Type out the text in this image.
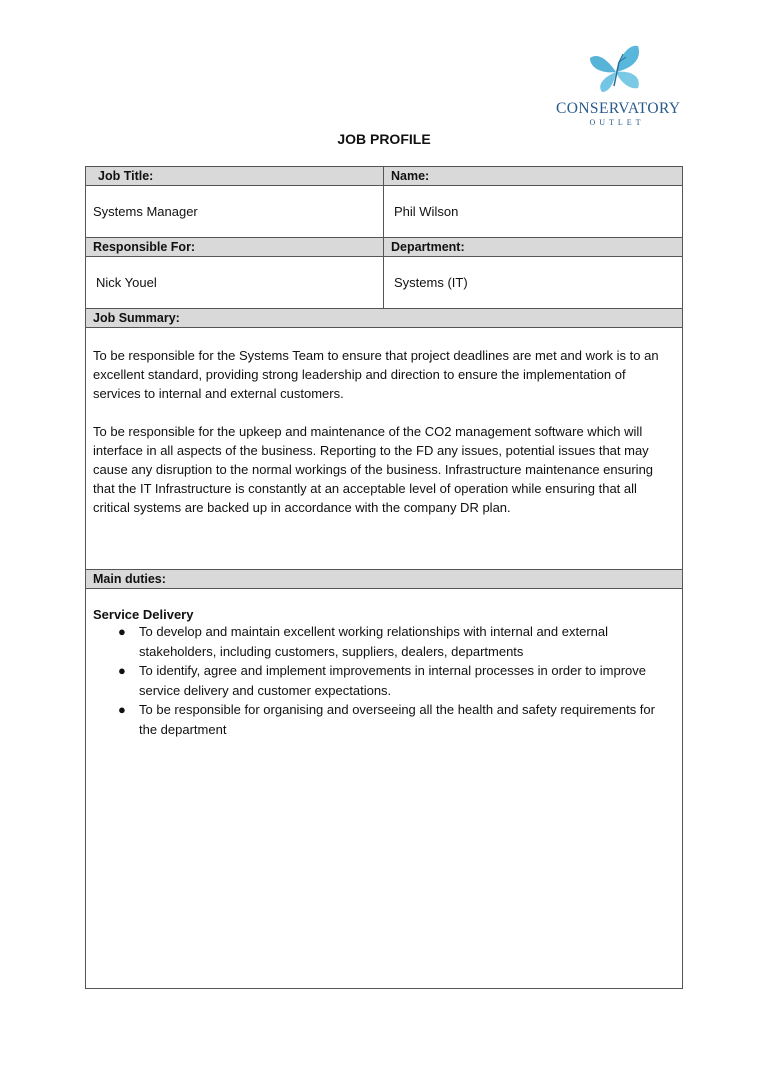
CONSERVATORY
OUTLET
JOB PROFILE
Job Title:	Name:
Systems Manager	Phil Wilson
Responsible For:	Department:
Nick Youel	Systems (IT)
Job Summary:
To be responsible for the Systems Team to ensure that project deadlines are met and work is to an excellent standard, providing strong leadership and direction to ensure the implementation of services to internal and external customers.
To be responsible for the upkeep and maintenance of the CO2 management software which will interface in all aspects of the business. Reporting to the FD any issues, potential issues that may cause any disruption to the normal workings of the business. Infrastructure maintenance ensuring that the IT Infrastructure is constantly at an acceptable level of operation while ensuring that all critical systems are backed up in accordance with the company DR plan.
Main duties:
Service Delivery
● To develop and maintain excellent working relationships with internal and external stakeholders, including customers, suppliers, dealers, departments
● To identify, agree and implement improvements in internal processes in order to improve service delivery and customer expectations.
● To be responsible for organising and overseeing all the health and safety requirements for the department
